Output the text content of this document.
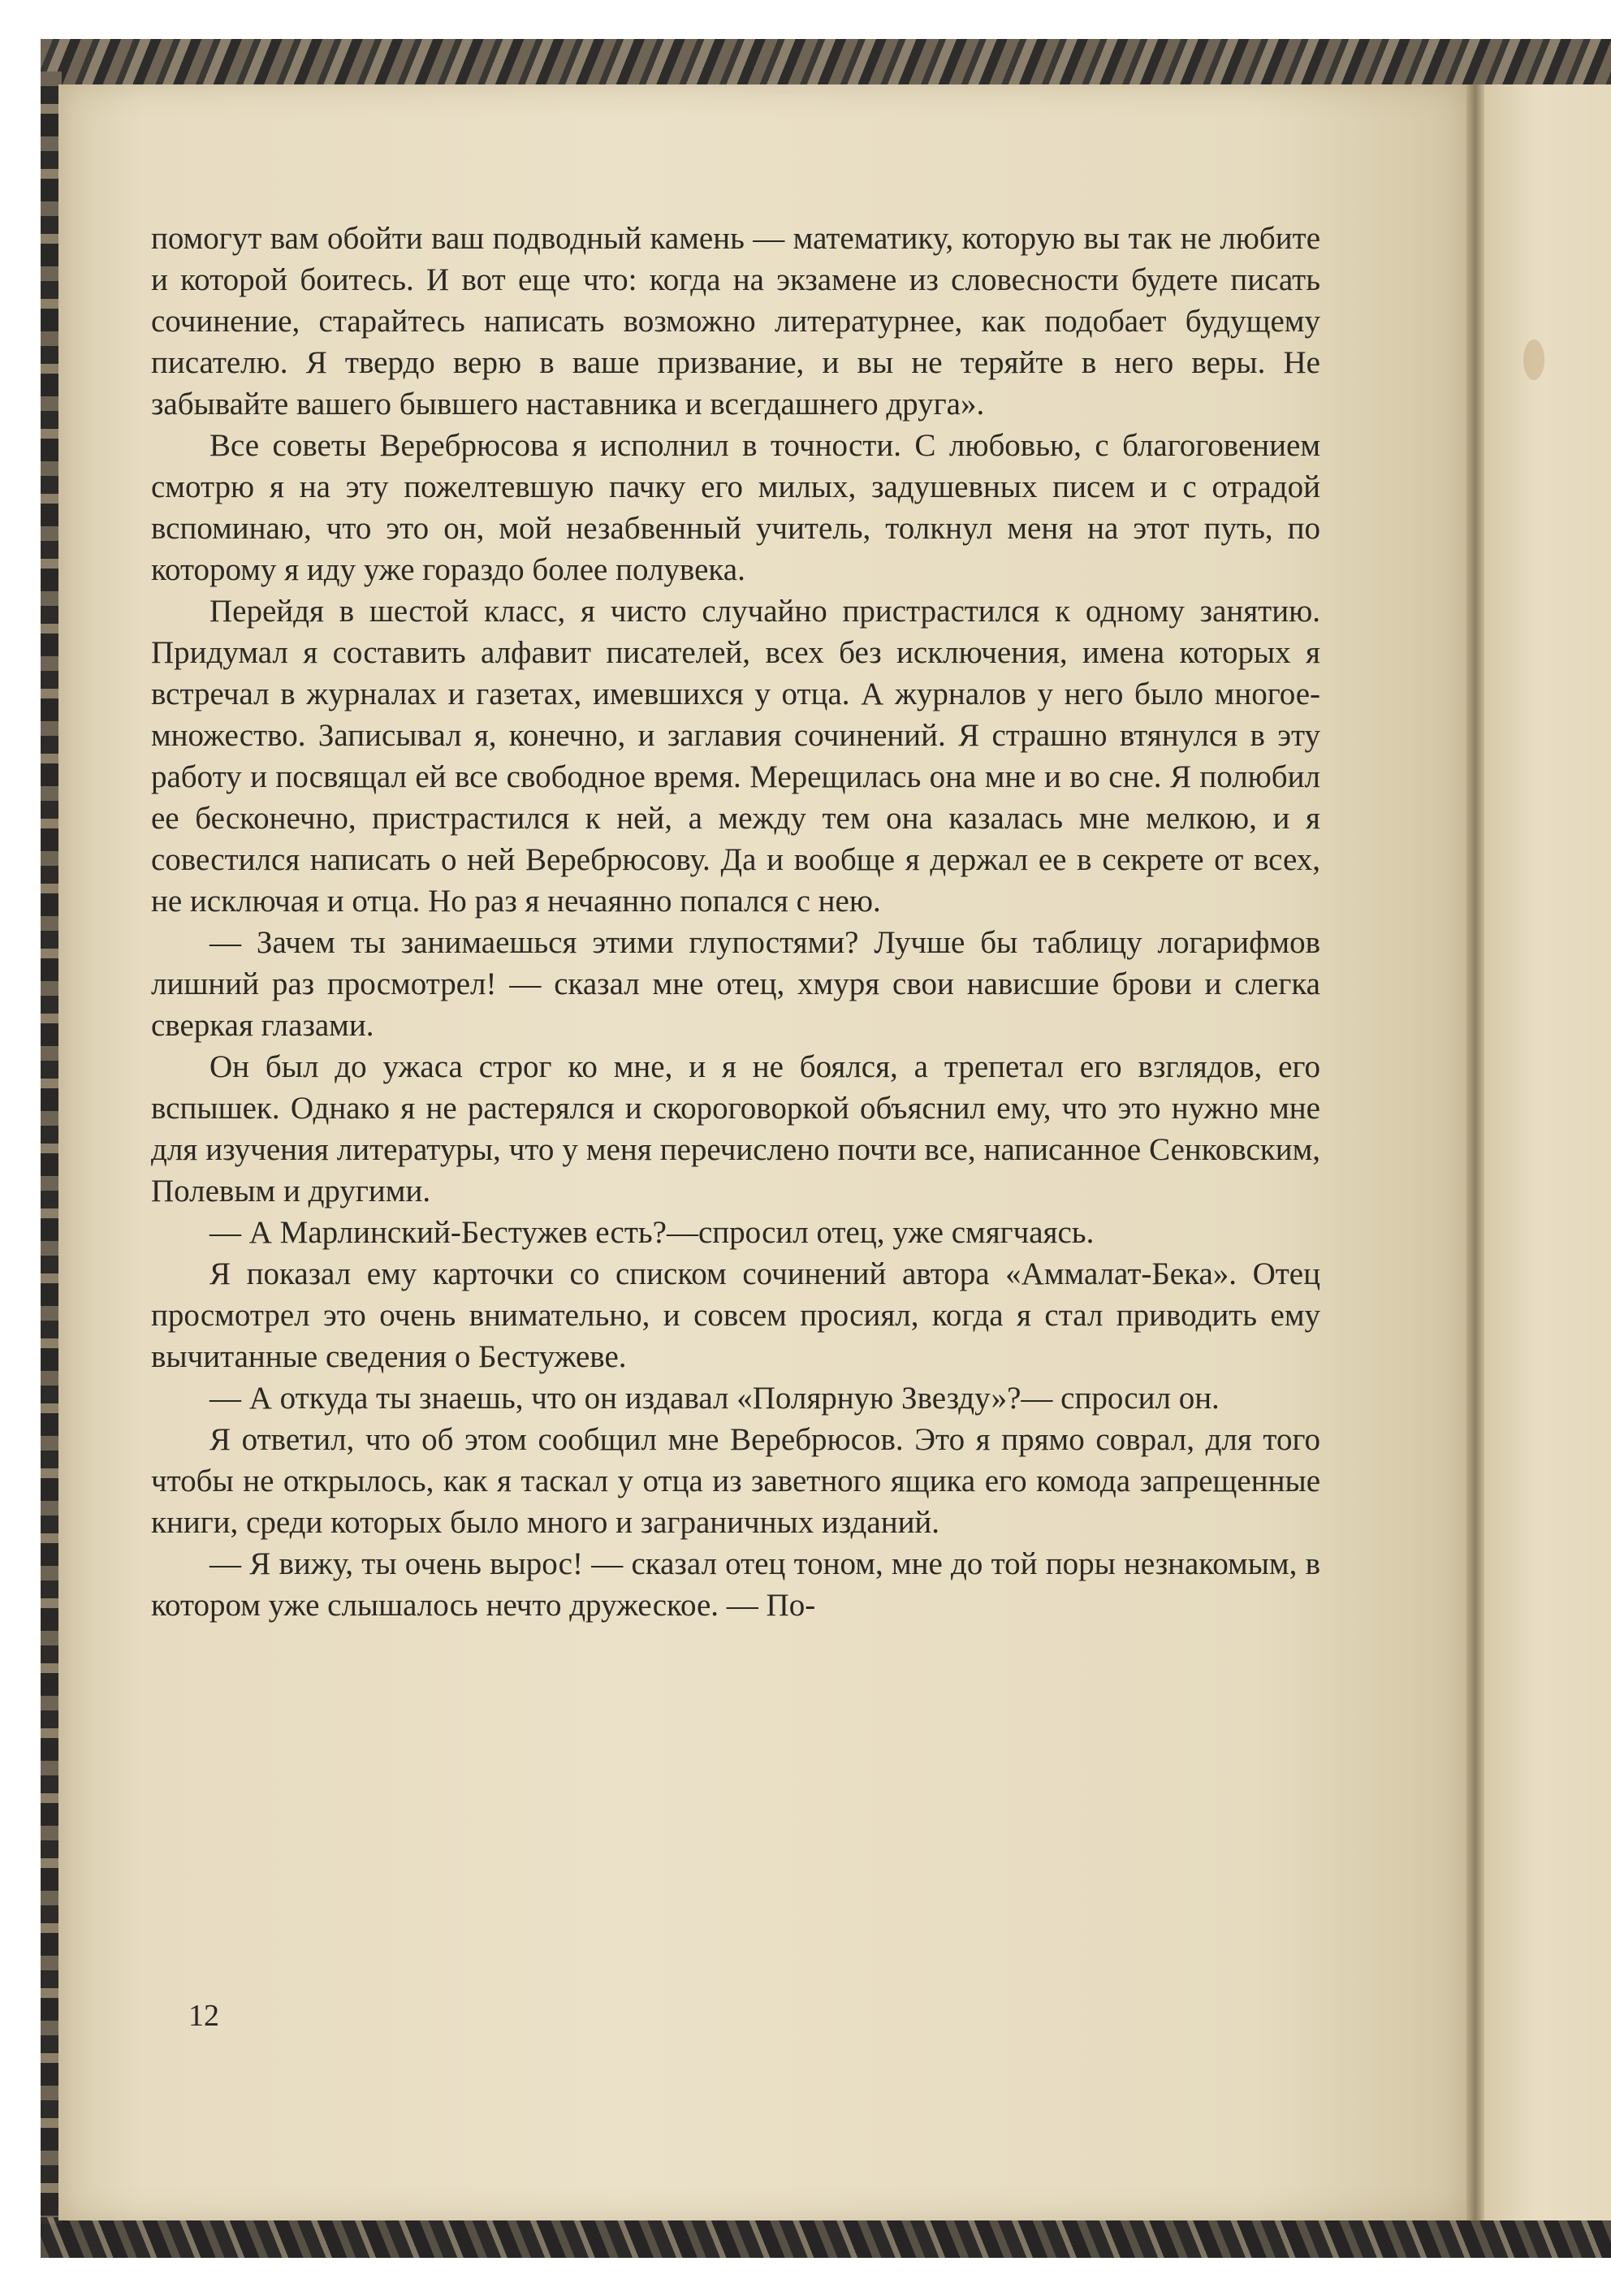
помогут вам обойти ваш подводный камень — математику, которую вы так не любите и которой боитесь. И вот еще что: когда на экзамене из словесности будете писать сочинение, старайтесь написать возможно литературнее, как подобает будущему писателю. Я твердо верю в ваше призвание, и вы не теряйте в него веры. Не забывайте вашего бывшего наставника и всегдашнего друга».

Все советы Веребрюсова я исполнил в точности. С любовью, с благоговением смотрю я на эту пожелтевшую пачку его милых, задушевных писем и с отрадой вспоминаю, что это он, мой незабвенный учитель, толкнул меня на этот путь, по которому я иду уже гораздо более полувека.

Перейдя в шестой класс, я чисто случайно пристрастился к одному занятию. Придумал я составить алфавит писателей, всех без исключения, имена которых я встречал в журналах и газетах, имевшихся у отца. А журналов у него было многое-множество. Записывал я, конечно, и заглавия сочинений. Я страшно втянулся в эту работу и посвящал ей все свободное время. Мерещилась она мне и во сне. Я полюбил ее бесконечно, пристрастился к ней, а между тем она казалась мне мелкою, и я совестился написать о ней Веребрюсову. Да и вообще я держал ее в секрете от всех, не исключая и отца. Но раз я нечаянно попался с нею.

— Зачем ты занимаешься этими глупостями? Лучше бы таблицу логарифмов лишний раз просмотрел! — сказал мне отец, хмуря свои нависшие брови и слегка сверкая глазами.

Он был до ужаса строг ко мне, и я не боялся, а трепетал его взглядов, его вспышек. Однако я не растерялся и скороговоркой объяснил ему, что это нужно мне для изучения литературы, что у меня перечислено почти все, написанное Сенковским, Полевым и другими.

— А Марлинский-Бестужев есть?—спросил отец, уже смягчаясь.

Я показал ему карточки со списком сочинений автора «Аммалат-Бека». Отец просмотрел это очень внимательно, и совсем просиял, когда я стал приводить ему вычитанные сведения о Бестужеве.

— А откуда ты знаешь, что он издавал «Полярную Звезду»?— спросил он.

Я ответил, что об этом сообщил мне Веребрюсов. Это я прямо соврал, для того чтобы не открылось, как я таскал у отца из заветного ящика его комода запрещенные книги, среди которых было много и заграничных изданий.

— Я вижу, ты очень вырос! — сказал отец тоном, мне до той поры незнакомым, в котором уже слышалось нечто дружеское. — По-

12
